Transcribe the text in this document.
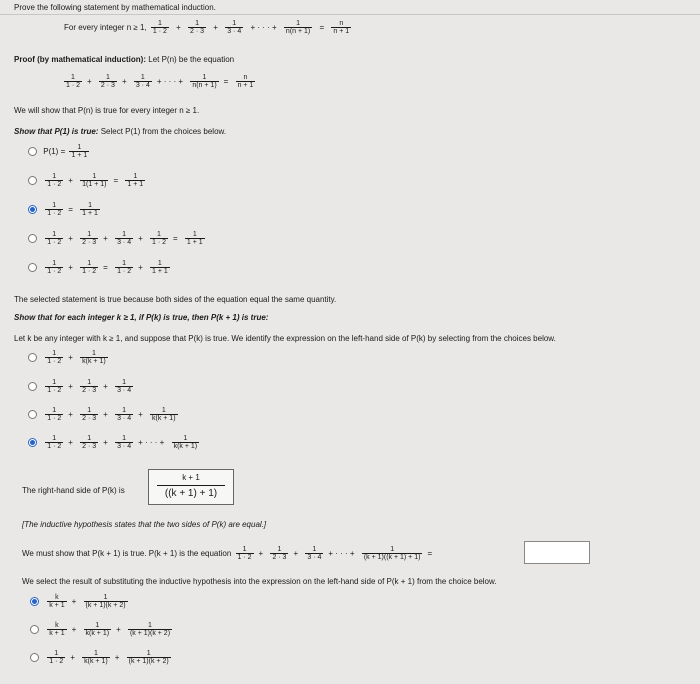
Prove the following statement by mathematical induction.
For every integer n ≥ 1, $\frac{1}{1 \cdot 2} + \frac{1}{2 \cdot 3} + \frac{1}{3 \cdot 4}$ + · · · + $\frac{1}{n(n + 1)} = \frac{n}{n + 1}$
Proof (by mathematical induction): Let P(n) be the equation
$\frac{1}{1 \cdot 2} + \frac{1}{2 \cdot 3} + \frac{1}{3 \cdot 4}$ + · · · + $\frac{1}{n(n + 1)} = \frac{n}{n + 1}$
We will show that P(n) is true for every integer n ≥ 1.
Show that P(1) is true: Select P(1) from the choices below.
$P(1) = \frac{1}{1 + 1}$

$\frac{1}{1 \cdot 2} + \frac{1}{1(1 + 1)} = \frac{1}{1 + 1}$

$\frac{1}{1 \cdot 2} = \frac{1}{1 + 1}$

$\frac{1}{1 \cdot 2} + \frac{1}{2 \cdot 3} + \frac{1}{3 \cdot 4} + \frac{1}{1 \cdot 2} = \frac{1}{1 + 1}$

$\frac{1}{1 \cdot 2} + \frac{1}{1 \cdot 2} = \frac{1}{1 \cdot 2} + \frac{1}{1 + 1}$
The selected statement is true because both sides of the equation equal the same quantity.
Show that for each integer k ≥ 1, if P(k) is true, then P(k + 1) is true:
Let k be any integer with k ≥ 1, and suppose that P(k) is true. We identify the expression on the left-hand side of P(k) by selecting from the choices below.

$\frac{1}{1 \cdot 2} + \frac{1}{k(k + 1)}$

$\frac{1}{1 \cdot 2} + \frac{1}{2 \cdot 3} + \frac{1}{3 \cdot 4}$

$\frac{1}{1 \cdot 2} + \frac{1}{2 \cdot 3} + \frac{1}{3 \cdot 4} + \frac{1}{k(k + 1)}$

$\frac{1}{1 \cdot 2} + \frac{1}{2 \cdot 3} + \frac{1}{3 \cdot 4}$ + · · · + $\frac{1}{k(k + 1)}$
The right-hand side of P(k) is
k + 1
((k + 1) + 1)
[The inductive hypothesis states that the two sides of P(k) are equal.]
We must show that P(k + 1) is true. P(k + 1) is the equation $\frac{1}{1 \cdot 2} + \frac{1}{2 \cdot 3} + \frac{1}{3 \cdot 4}$ + · · · + $\frac{1}{(k + 1)((k + 1) + 1)}$ =
We select the result of substituting the inductive hypothesis into the expression on the left-hand side of P(k + 1) from the choice below.

$\frac{k}{k + 1} + \frac{1}{(k + 1)(k + 2)}$

$\frac{k}{k + 1} + \frac{1}{k(k + 1)} + \frac{1}{(k + 1)(k + 2)}$

$\frac{1}{1 \cdot 2} + \frac{1}{k(k + 1)} + \frac{1}{(k + 1)(k + 2)}$
